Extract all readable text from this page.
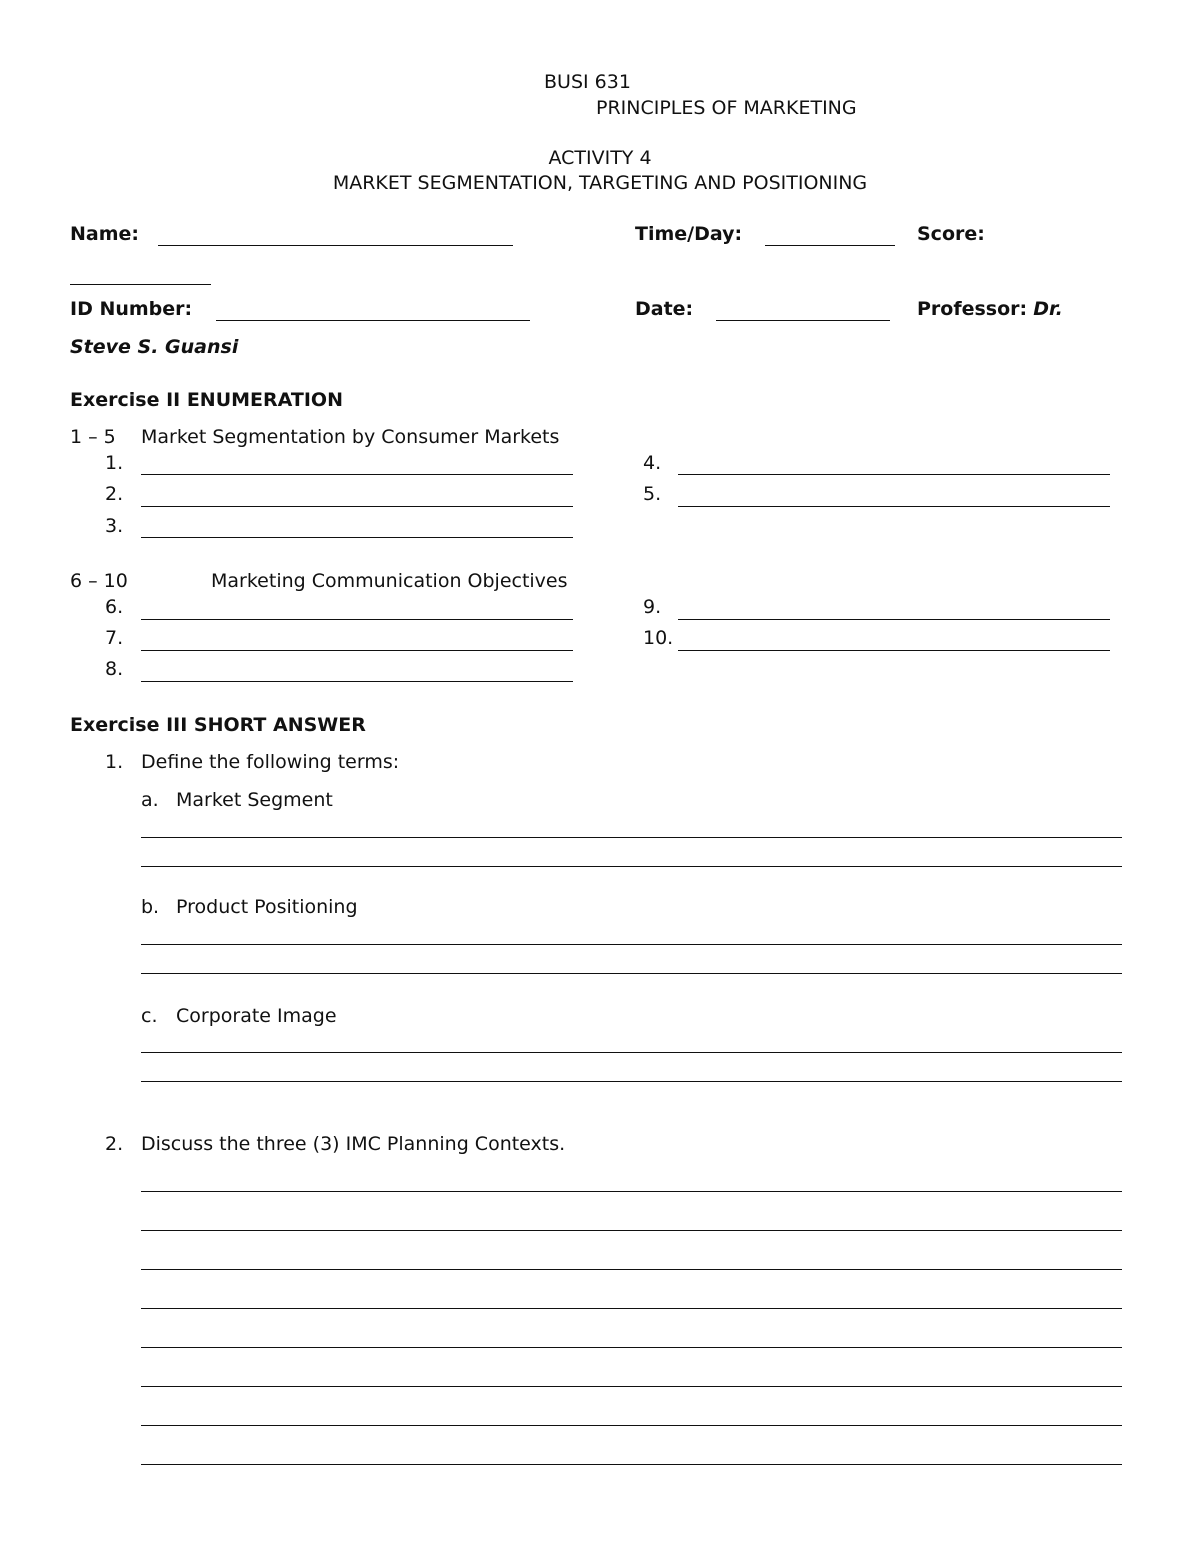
BUSI 631
PRINCIPLES OF MARKETING
ACTIVITY 4
MARKET SEGMENTATION, TARGETING AND POSITIONING
Name:	Time/Day:	Score:
ID Number:	Date:	Professor: Dr.
Steve S. Guansi
Exercise II ENUMERATION
1 – 5 Market Segmentation by Consumer Markets
1.
2.
3.
4.
5.
6 – 10	Marketing Communication Objectives
6.
7.
8.
9.
10.
Exercise III SHORT ANSWER
1. Define the following terms:
a. Market Segment
b. Product Positioning
c. Corporate Image
2. Discuss the three (3) IMC Planning Contexts.
